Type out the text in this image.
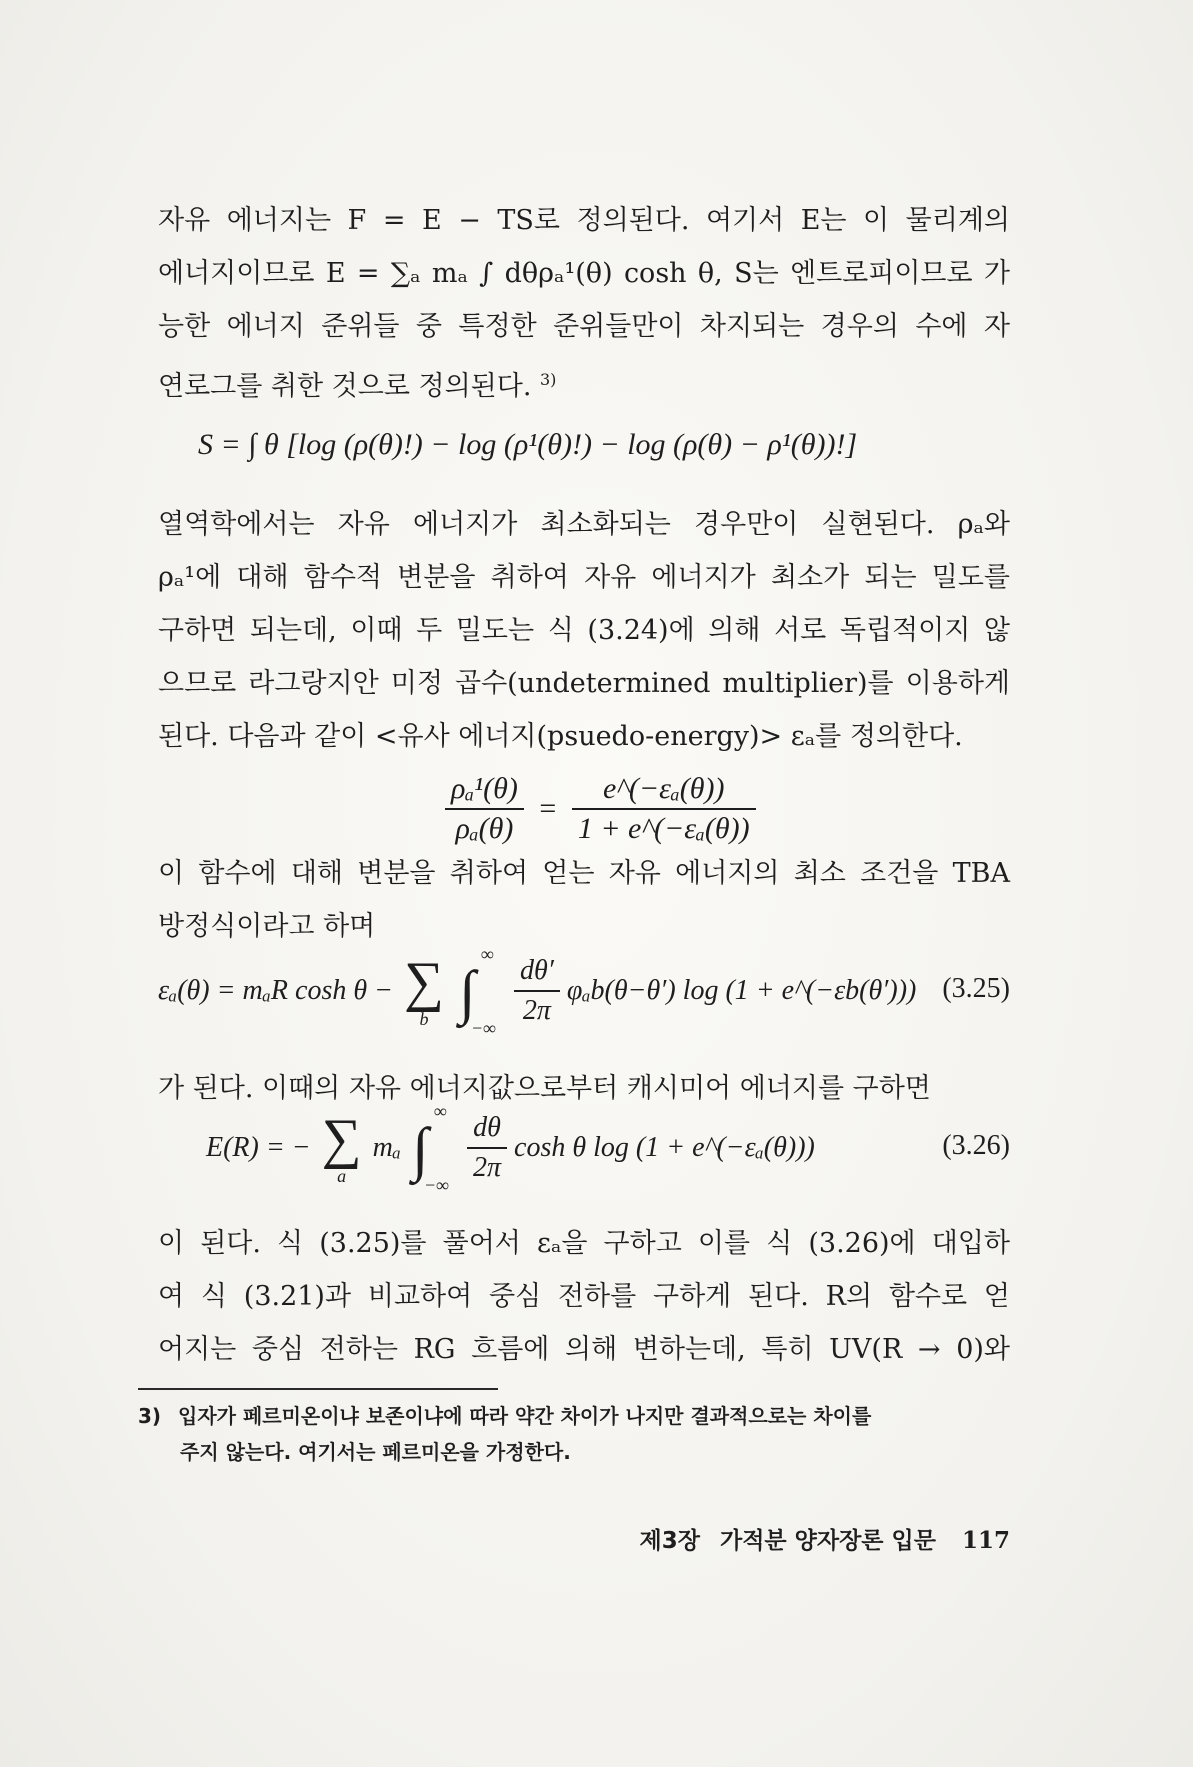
자유 에너지는 F = E − TS로 정의된다. 여기서 E는 이 물리계의
에너지이므로 E = ∑ₐ mₐ ∫ dθρₐ¹(θ) cosh θ, S는 엔트로피이므로 가
능한 에너지 준위들 중 특정한 준위들만이 차지되는 경우의 수에 자
연로그를 취한 것으로 정의된다. $^{3)}$
S = ∫ θ [log (ρ(θ)!) − log (ρ¹(θ)!) − log (ρ(θ) − ρ¹(θ))!]
열역학에서는 자유 에너지가 최소화되는 경우만이 실현된다. ρₐ와
ρₐ¹에 대해 함수적 변분을 취하여 자유 에너지가 최소가 되는 밀도를
구하면 되는데, 이때 두 밀도는 식 (3.24)에 의해 서로 독립적이지 않
으므로 라그랑지안 미정 곱수(undetermined multiplier)를 이용하게
된다. 다음과 같이 <유사 에너지(psuedo-energy)> εₐ를 정의한다.
$\frac{\text{ρₐ¹(θ)}}{\text{ρₐ(θ)}} = \frac{\text{e\textasciicircum{}(−εₐ(θ))}}{\text{1 + e\textasciicircum{}(−εₐ(θ))}}$
이 함수에 대해 변분을 취하여 얻는 자유 에너지의 최소 조건을 TBA
방정식이라고 하며
εₐ(θ) = mₐR cosh θ − ∑
b

∞
∫
−∞
$\frac{d\theta'}{2\pi} \varphi_ab(\theta-\theta')$ log (1 + e^(−εb(θ′))) (3.25)
가 된다. 이때의 자유 에너지값으로부터 캐시미어 에너지를 구하면
E(R) = − ∑
a
mₐ
∞
∫
−∞
$\frac{d\theta}{2\pi}$ cosh θ log (1 + e^(−εₐ(θ)))	(3.26)
이 된다. 식 (3.25)를 풀어서 εₐ을 구하고 이를 식 (3.26)에 대입하
여 식 (3.21)과 비교하여 중심 전하를 구하게 된다. R의 함수로 얻
어지는 중심 전하는 RG 흐름에 의해 변하는데, 특히 UV(R → 0)와
3) 입자가 페르미온이냐 보존이냐에 따라 약간 차이가 나지만 결과적으로는 차이를
주지 않는다. 여기서는 페르미온을 가정한다.
제3장 가적분 양자장론 입문 117
